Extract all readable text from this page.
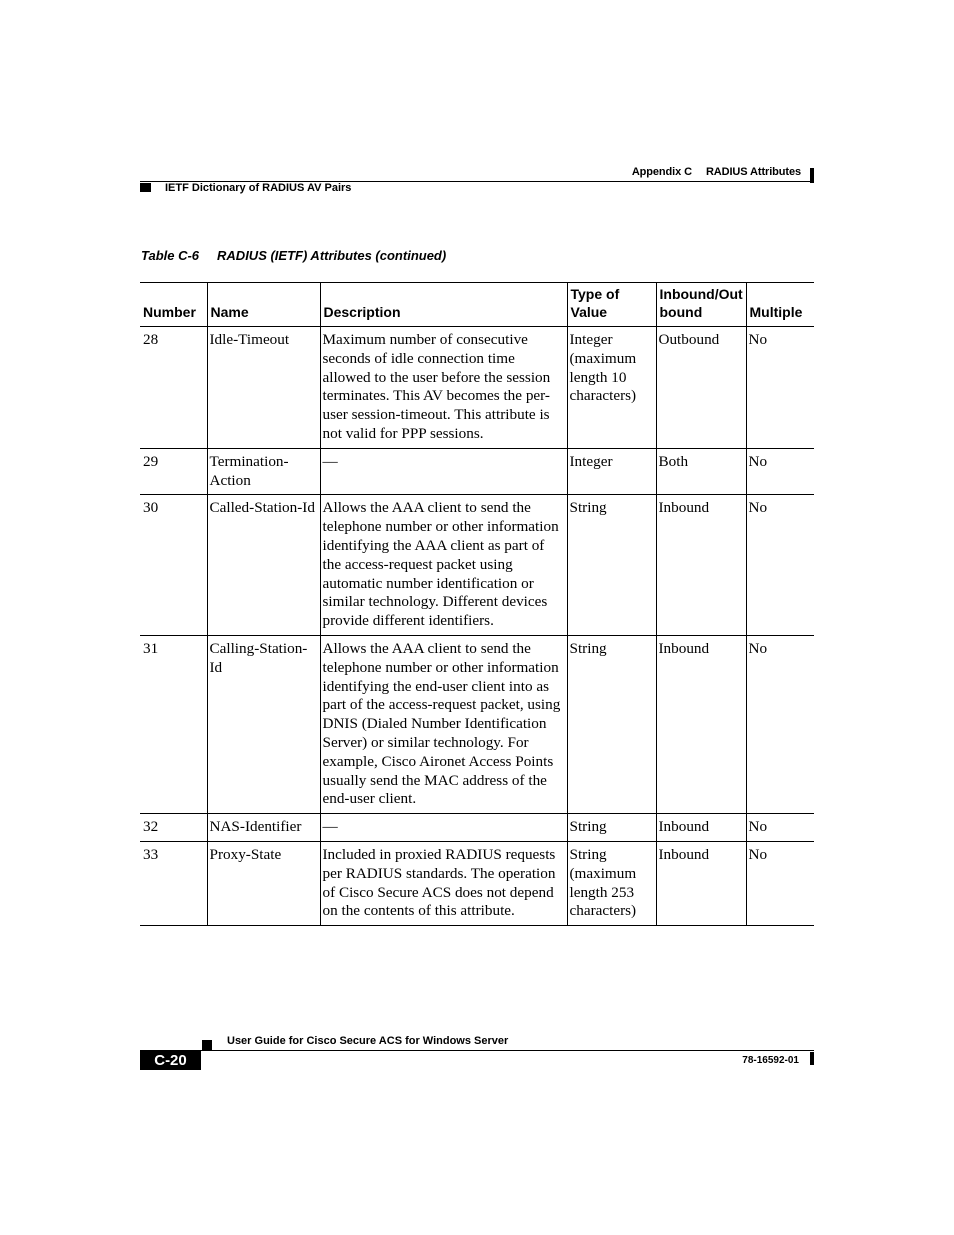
Appendix C RADIUS Attributes
IETF Dictionary of RADIUS AV Pairs
Table C-6 RADIUS (IETF) Attributes (continued)
Number	Name	Description	Type of Value	Inbound/Out bound	Multiple
28	Idle-Timeout	Maximum number of consecutive seconds of idle connection time allowed to the user before the session terminates. This AV becomes the per-user session-timeout. This attribute is not valid for PPP sessions.	Integer (maximum length 10 characters)	Outbound	No
29	Termination-Action	—	Integer	Both	No
30	Called-Station-Id	Allows the AAA client to send the telephone number or other information identifying the AAA client as part of the access-request packet using automatic number identification or similar technology. Different devices provide different identifiers.	String	Inbound	No
31	Calling-Station-Id	Allows the AAA client to send the telephone number or other information identifying the end-user client into as part of the access-request packet, using DNIS (Dialed Number Identification Server) or similar technology. For example, Cisco Aironet Access Points usually send the MAC address of the end-user client.	String	Inbound	No
32	NAS-Identifier	—	String	Inbound	No
33	Proxy-State	Included in proxied RADIUS requests per RADIUS standards. The operation of Cisco Secure ACS does not depend on the contents of this attribute.	String (maximum length 253 characters)	Inbound	No
User Guide for Cisco Secure ACS for Windows Server
C-20	78-16592-01
